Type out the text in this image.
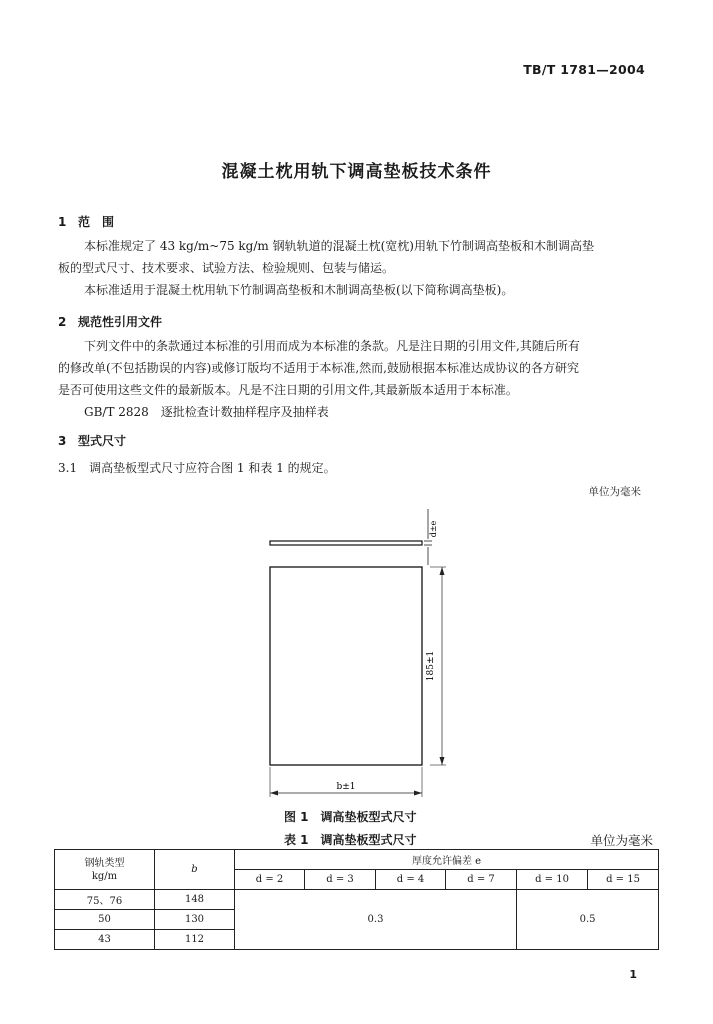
TB/T 1781—2004
混凝土枕用轨下调高垫板技术条件
1 范　围
本标准规定了 43 kg/m~75 kg/m 钢轨轨道的混凝土枕(宽枕)用轨下竹制调高垫板和木制调高垫
板的型式尺寸、技术要求、试验方法、检验规则、包装与储运。
本标准适用于混凝土枕用轨下竹制调高垫板和木制调高垫板(以下简称调高垫板)。
2 规范性引用文件
下列文件中的条款通过本标准的引用而成为本标准的条款。凡是注日期的引用文件,其随后所有
的修改单(不包括勘误的内容)或修订版均不适用于本标准,然而,鼓励根据本标准达成协议的各方研究
是否可使用这些文件的最新版本。凡是不注日期的引用文件,其最新版本适用于本标准。
GB/T 2828　逐批检查计数抽样程序及抽样表
3 型式尺寸
3.1　 调高垫板型式尺寸应符合图 1 和表 1 的规定。
单位为毫米
d±e
185±1
b±1
图 1　调高垫板型式尺寸
表 1　调高垫板型式尺寸	单位为毫米
钢轨类型
kg/m	b	厚度允许偏差 e					
		d = 2	d = 3	d = 4	d = 7	d = 10	d = 15
75、76	148	0.3				0.5	
50	130						
43	112						
1
